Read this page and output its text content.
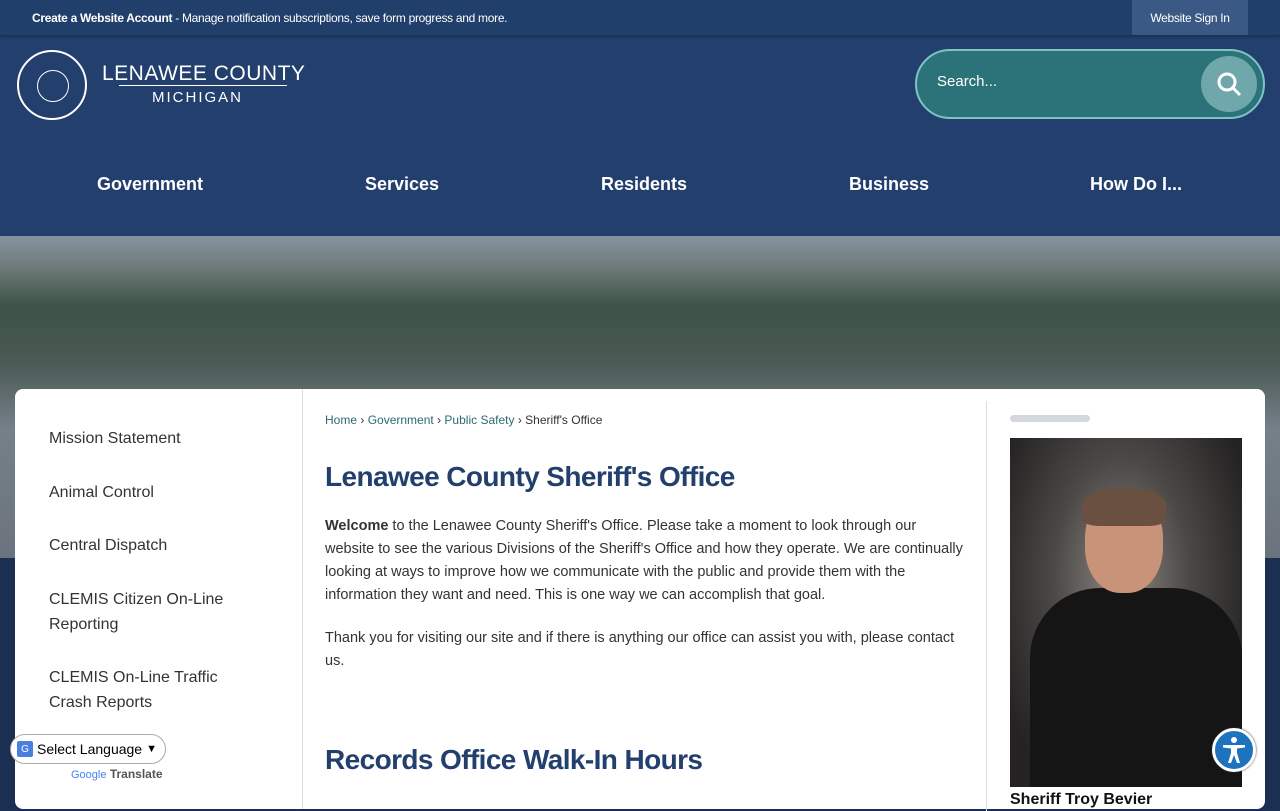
Create a Website Account - Manage notification subscriptions, save form progress and more.	Website Sign In
LENAWEE COUNTY
MICHIGAN
Search...
Government	Services	Residents	Business	How Do I...
Mission Statement
Animal Control
Central Dispatch
CLEMIS Citizen On-Line Reporting
CLEMIS On-Line Traffic Crash Reports
Home › Government › Public Safety › Sheriff's Office
Lenawee County Sheriff's Office
Welcome to the Lenawee County Sheriff's Office. Please take a moment to look through our website to see the various Divisions of the Sheriff's Office and how they operate. We are continually looking at ways to improve how we communicate with the public and provide them with the information they want and need. This is one way we can accomplish that goal.
Thank you for visiting our site and if there is anything our office can assist you with, please contact us.
Records Office Walk-In Hours
Sheriff Troy Bevier
G Select Language ▼
Google Translate
